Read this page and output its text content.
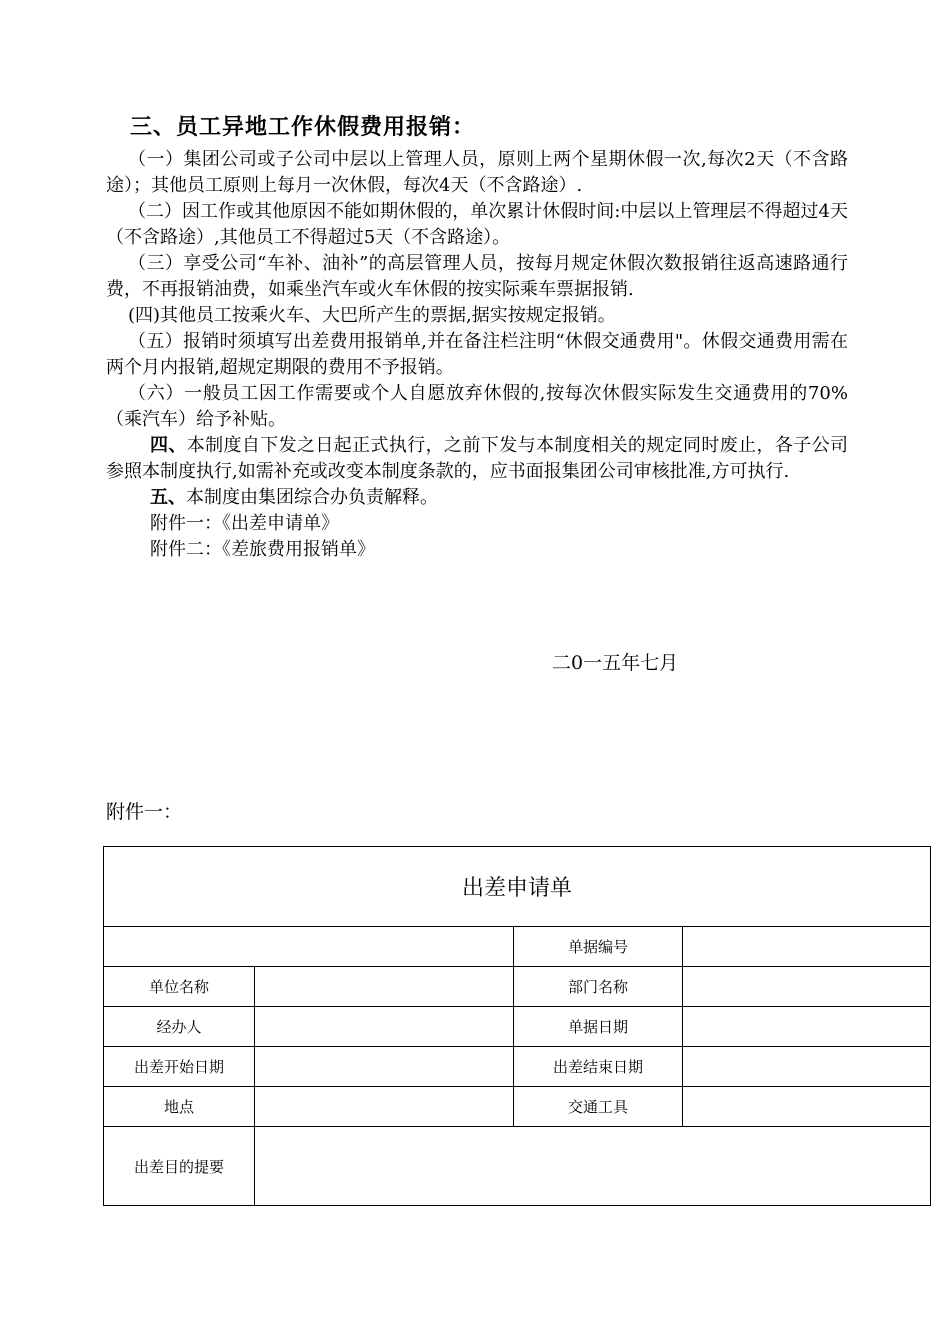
三、员工异地工作休假费用报销：

（一）集团公司或子公司中层以上管理人员，原则上两个星期休假一次,每次2天（不含路途）；其他员工原则上每月一次休假，每次4天（不含路途）.

（二）因工作或其他原因不能如期休假的，单次累计休假时间:中层以上管理层不得超过4天（不含路途）,其他员工不得超过5天（不含路途）。

（三）享受公司“车补、油补”的高层管理人员，按每月规定休假次数报销往返高速路通行费，不再报销油费，如乘坐汽车或火车休假的按实际乘车票据报销.

(四)其他员工按乘火车、大巴所产生的票据,据实按规定报销。

（五）报销时须填写出差费用报销单,并在备注栏注明“休假交通费用"。休假交通费用需在两个月内报销,超规定期限的费用不予报销。

（六）一般员工因工作需要或个人自愿放弃休假的,按每次休假实际发生交通费用的70%（乘汽车）给予补贴。

四、本制度自下发之日起正式执行，之前下发与本制度相关的规定同时废止，各子公司参照本制度执行,如需补充或改变本制度条款的，应书面报集团公司审核批准,方可执行.

五、本制度由集团综合办负责解释。

附件一：《出差申请单》

附件二：《差旅费用报销单》

二0一五年七月
附件一：
出差申请单			
		单据编号	
单位名称		部门名称	
经办人		单据日期	
出差开始日期		出差结束日期	
地点		交通工具	
出差目的提要			
